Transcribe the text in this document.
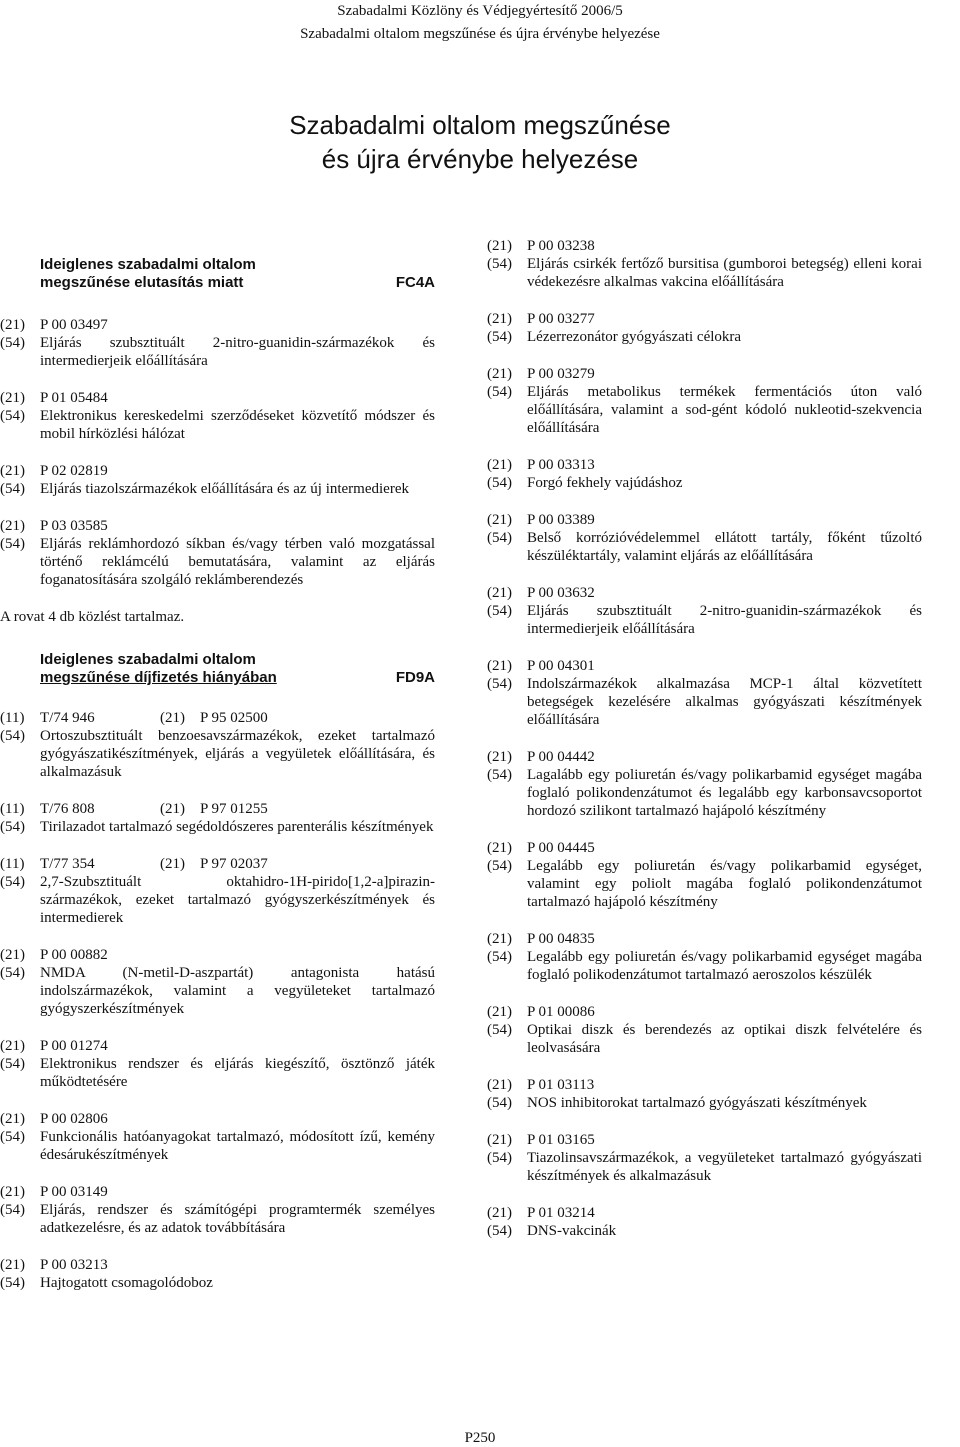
Szabadalmi Közlöny és Védjegyértesítő 2006/5
Szabadalmi oltalom megszűnése és újra érvénybe helyezése
Szabadalmi oltalom megszűnése
és újra érvénybe helyezése
Ideiglenes szabadalmi oltalom
megszűnése elutasítás miatt	FC4A
(21)	P 00 03497
(54)	Eljárás szubsztituált 2-nitro-guanidin-származékok és intermedierjeik előállítására
(21)	P 01 05484
(54)	Elektronikus kereskedelmi szerződéseket közvetítő módszer és mobil hírközlési hálózat
(21)	P 02 02819
(54)	Eljárás tiazolszármazékok előállítására és az új intermedierek
(21)	P 03 03585
(54)	Eljárás reklámhordozó síkban és/vagy térben való mozgatással történő reklámcélú bemutatására, valamint az eljárás foganatosítására szolgáló reklámberendezés
A rovat 4 db közlést tartalmaz.
Ideiglenes szabadalmi oltalom
megszűnése díjfizetés hiányában	FD9A
(11)	T/74 946	(21)	P 95 02500
(54)	Ortoszubsztituált benzoesavszármazékok, ezeket tartalmazó gyógyászatikészítmények, eljárás a vegyületek előállítására, és alkalmazásuk
(11)	T/76 808	(21)	P 97 01255
(54)	Tirilazadot tartalmazó segédoldószeres parenterális készítmények
(11)	T/77 354	(21)	P 97 02037
(54)	2,7-Szubsztituált oktahidro-1H-pirido[1,2-a]pirazin-származékok, ezeket tartalmazó gyógyszerkészítmények és intermedierek
(21)	P 00 00882
(54)	NMDA (N-metil-D-aszpartát) antagonista hatású indolszármazékok, valamint a vegyületeket tartalmazó gyógyszerkészítmények
(21)	P 00 01274
(54)	Elektronikus rendszer és eljárás kiegészítő, ösztönző játék működtetésére
(21)	P 00 02806
(54)	Funkcionális hatóanyagokat tartalmazó, módosított ízű, kemény édesárukészítmények
(21)	P 00 03149
(54)	Eljárás, rendszer és számítógépi programtermék személyes adatkezelésre, és az adatok továbbítására
(21)	P 00 03213
(54)	Hajtogatott csomagolódoboz
(21)	P 00 03238
(54)	Eljárás csirkék fertőző bursitisa (gumboroi betegség) elleni korai védekezésre alkalmas vakcina előállítására
(21)	P 00 03277
(54)	Lézerrezonátor gyógyászati célokra
(21)	P 00 03279
(54)	Eljárás metabolikus termékek fermentációs úton való előállítására, valamint a sod-gént kódoló nukleotid-szekvencia előállítására
(21)	P 00 03313
(54)	Forgó fekhely vajúdáshoz
(21)	P 00 03389
(54)	Belső korrózióvédelemmel ellátott tartály, főként tűzoltó készüléktartály, valamint eljárás az előállítására
(21)	P 00 03632
(54)	Eljárás szubsztituált 2-nitro-guanidin-származékok és intermedierjeik előállítására
(21)	P 00 04301
(54)	Indolszármazékok alkalmazása MCP-1 által közvetített betegségek kezelésére alkalmas gyógyászati készítmények előállítására
(21)	P 00 04442
(54)	Lagalább egy poliuretán és/vagy polikarbamid egységet magába foglaló polikondenzátumot és legalább egy karbonsavcsoportot hordozó szilikont tartalmazó hajápoló készítmény
(21)	P 00 04445
(54)	Legalább egy poliuretán és/vagy polikarbamid egységet, valamint egy poliolt magába foglaló polikondenzátumot tartalmazó hajápoló készítmény
(21)	P 00 04835
(54)	Legalább egy poliuretán és/vagy polikarbamid egységet magába foglaló polikodenzátumot tartalmazó aeroszolos készülék
(21)	P 01 00086
(54)	Optikai diszk és berendezés az optikai diszk felvételére és leolvasására
(21)	P 01 03113
(54)	NOS inhibitorokat tartalmazó gyógyászati készítmények
(21)	P 01 03165
(54)	Tiazolinsavszármazékok, a vegyületeket tartalmazó gyógyászati készítmények és alkalmazásuk
(21)	P 01 03214
(54)	DNS-vakcinák
P250
